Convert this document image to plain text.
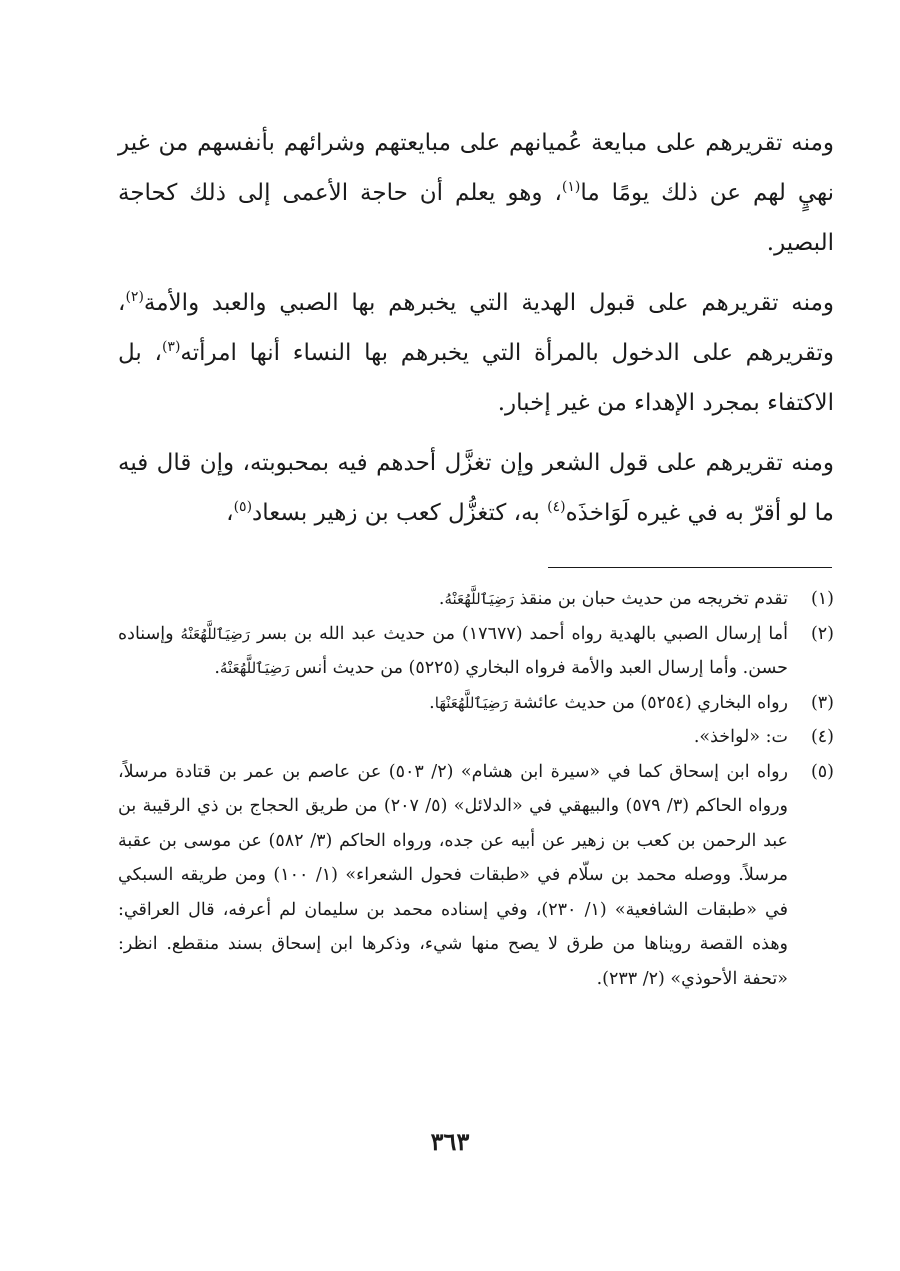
ومنه تقريرهم على مبايعة عُميانهم على مبايعتهم وشرائهم بأنفسهم من غير نهيٍ لهم عن ذلك يومًا ما$^{(١)}$، وهو يعلم أن حاجة الأعمى إلى ذلك كحاجة البصير.

ومنه تقريرهم على قبول الهدية التي يخبرهم بها الصبي والعبد والأمة$^{(٢)}$، وتقريرهم على الدخول بالمرأة التي يخبرهم بها النساء أنها امرأته$^{(٣)}$، بل الاكتفاء بمجرد الإهداء من غير إخبار.

ومنه تقريرهم على قول الشعر وإن تغزَّل أحدهم فيه بمحبوبته، وإن قال فيه ما لو أقرّ به في غيره لَوَاخذَه$^{(٤)}$ به، كتغزُّل كعب بن زهير بسعاد$^{(٥)}$،

(١)
تقدم تخريجه من حديث حبان بن منقذ رَضِيَٱللَّهُعَنْهُ.
(٢)
أما إرسال الصبي بالهدية رواه أحمد (١٧٦٧٧) من حديث عبد الله بن بسر رَضِيَٱللَّهُعَنْهُ وإسناده حسن. وأما إرسال العبد والأمة فرواه البخاري (٥٢٢٥) من حديث أنس رَضِيَٱللَّهُعَنْهُ.
(٣)
رواه البخاري (٥٢٥٤) من حديث عائشة رَضِيَٱللَّهُعَنْهَا.
(٤)
ت: «لواخذ».
(٥)
رواه ابن إسحاق كما في «سيرة ابن هشام» (٢/ ٥٠٣) عن عاصم بن عمر بن قتادة مرسلاً، ورواه الحاكم (٣/ ٥٧٩) والبيهقي في «الدلائل» (٥/ ٢٠٧) من طريق الحجاج بن ذي الرقيبة بن عبد الرحمن بن كعب بن زهير عن أبيه عن جده، ورواه الحاكم (٣/ ٥٨٢) عن موسى بن عقبة مرسلاً. ووصله محمد بن سلّام في «طبقات فحول الشعراء» (١/ ١٠٠) ومن طريقه السبكي في «طبقات الشافعية» (١/ ٢٣٠)، وفي إسناده محمد بن سليمان لم أعرفه، قال العراقي: وهذه القصة رويناها من طرق لا يصح منها شيء، وذكرها ابن إسحاق بسند منقطع. انظر: «تحفة الأحوذي» (٢/ ٢٣٣).
٣٦٣
